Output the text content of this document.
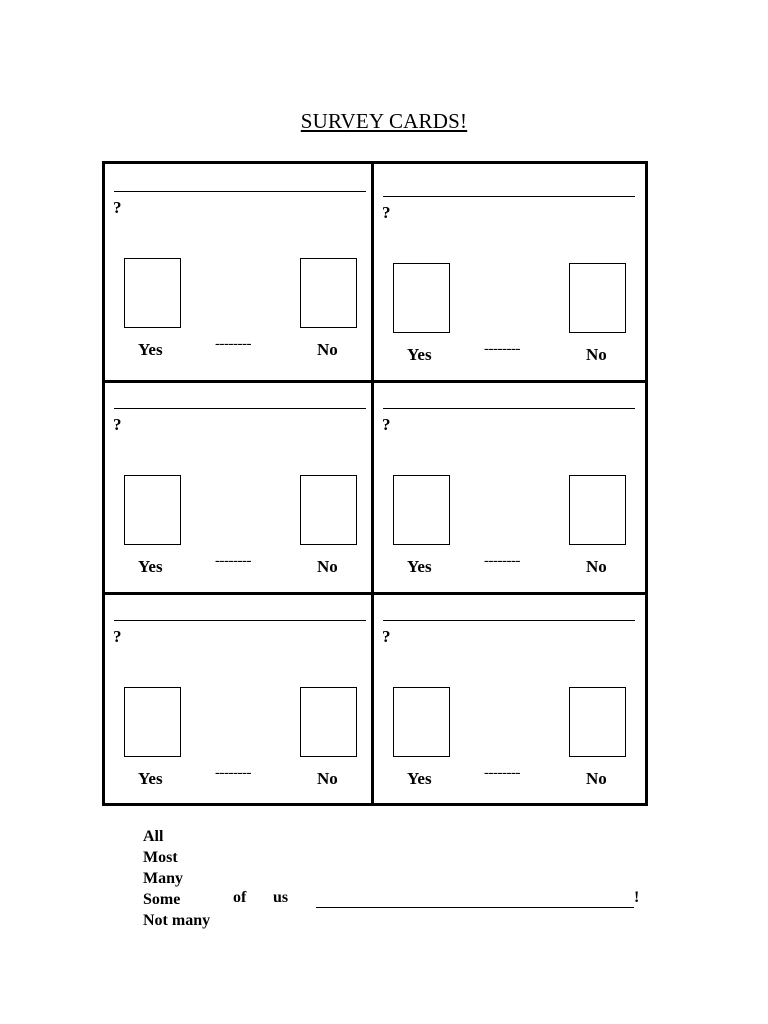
SURVEY CARDS!
?
Yes	--------	No
?
Yes	--------	No
?
Yes	--------	No
?
Yes	--------	No
?
Yes	--------	No
?
Yes	--------	No
All
Most
Many
Some
Not many
of us	!
